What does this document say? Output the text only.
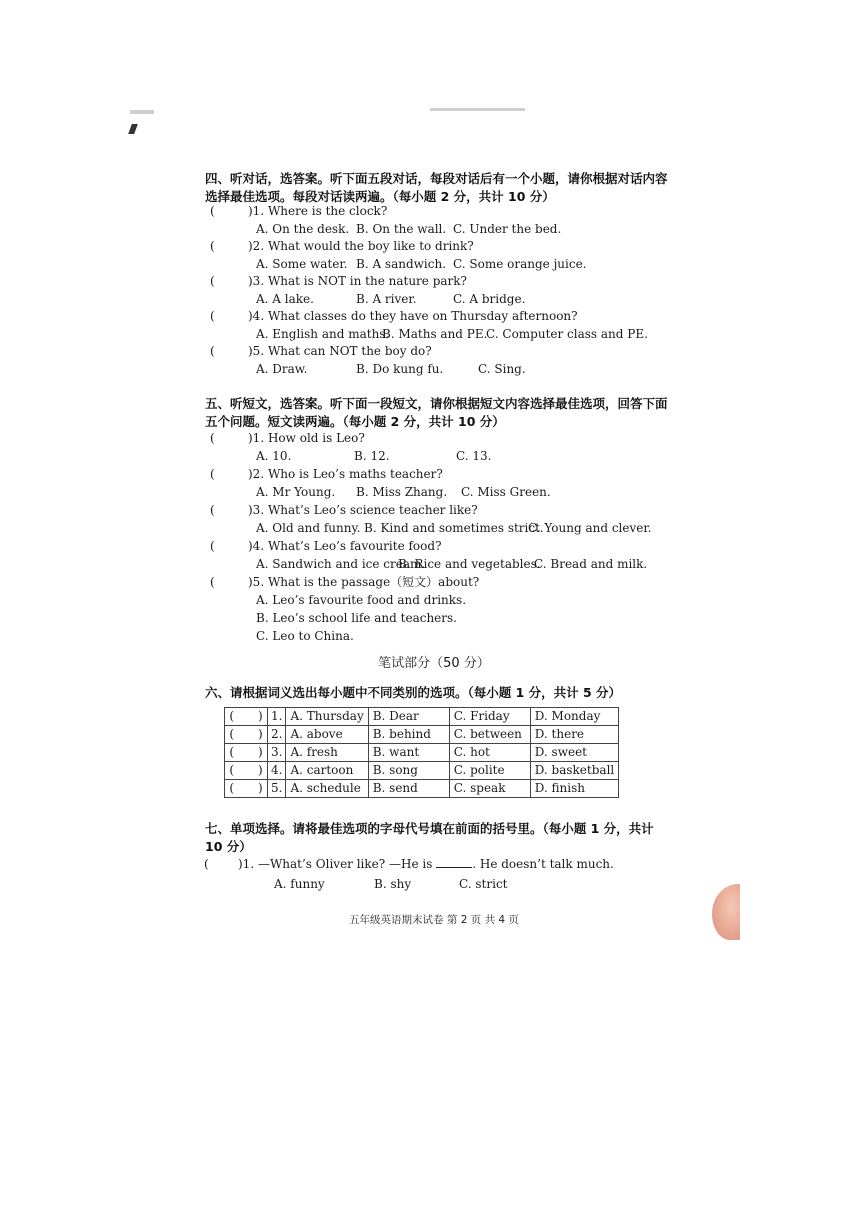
四、听对话，选答案。听下面五段对话，每段对话后有一个小题，请你根据对话内容选择最佳选项。每段对话读两遍。（每小题 2 分，共计 10 分）
(	)1. Where is the clock?
A. On the desk. B. On the wall. C. Under the bed.
(	)2. What would the boy like to drink?
A. Some water. B. A sandwich. C. Some orange juice.
(	)3. What is NOT in the nature park?
A. A lake.	B. A river.	C. A bridge.
(	)4. What classes do they have on Thursday afternoon?
A. English and maths.
B. Maths and PE.
C. Computer class and PE.
(	)5. What can NOT the boy do?
A. Draw.	B. Do kung fu.	C. Sing.
五、听短文，选答案。听下面一段短文，请你根据短文内容选择最佳选项，回答下面五个问题。短文读两遍。（每小题 2 分，共计 10 分）
(	)1. How old is Leo?
A. 10.	B. 12.	C. 13.
(	)2. Who is Leo’s maths teacher?
A. Mr Young. B. Miss Zhang. C. Miss Green.
(	)3. What’s Leo’s science teacher like?
A. Old and funny. B. Kind and sometimes strict.
C. Young and clever.
(	)4. What’s Leo’s favourite food?
A. Sandwich and ice cream.
B. Rice and vegetables.
C. Bread and milk.
(	)5. What is the passage（短文）about?
A. Leo’s favourite food and drinks.
B. Leo’s school life and teachers.
C. Leo to China.
笔试部分（50 分）
六、请根据词义选出每小题中不同类别的选项。（每小题 1 分，共计 5 分）
(　　)	1.	A. Thursday	B. Dear	C. Friday	D. Monday
(　　)	2.	A. above	B. behind	C. between	D. there
(　　)	3.	A. fresh	B. want	C. hot	D. sweet
(　　)	4.	A. cartoon	B. song	C. polite	D. basketball
(　　)	5.	A. schedule	B. send	C. speak	D. finish
七、单项选择。请将最佳选项的字母代号填在前面的括号里。（每小题 1 分，共计 10 分）
( )1. —What’s Oliver like? —He is	. He doesn’t talk much.
A. funny	B. shy	C. strict
五年级英语期末试卷 第 2 页 共 4 页
